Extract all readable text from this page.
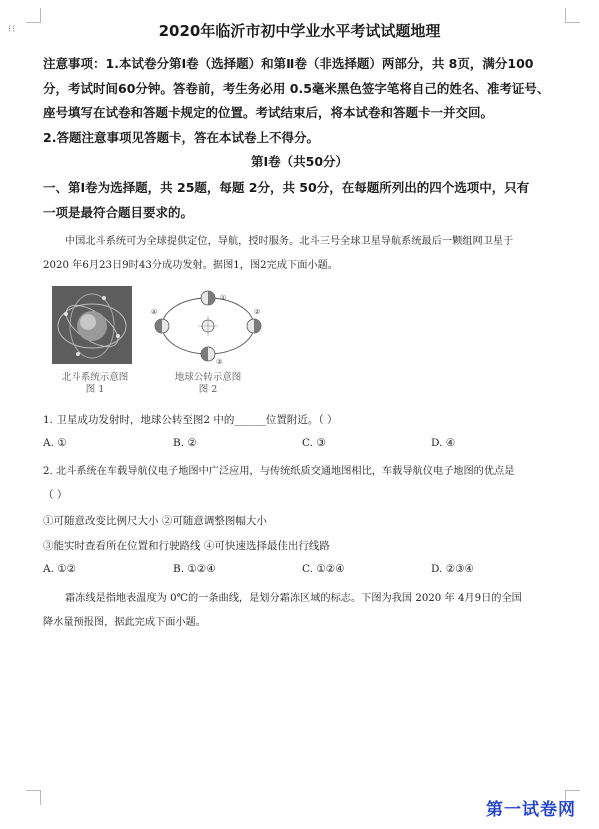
⁝⁝	2020年临沂市初中学业水平考试试题地理
注意事项：1.本试卷分第Ⅰ卷（选择题）和第Ⅱ卷（非选择题）两部分，共 8页，满分100
分，考试时间60分钟。答卷前，考生务必用 0.5毫米黑色签字笔将自己的姓名、准考证号、
座号填写在试卷和答题卡规定的位置。考试结束后，将本试卷和答题卡一并交回。
2.答题注意事项见答题卡，答在本试卷上不得分。
第Ⅰ卷（共50分）
一、第Ⅰ卷为选择题，共 25题，每题 2分，共 50分，在每题所列出的四个选项中，只有
一项是最符合题目要求的。
中国北斗系统可为全球提供定位，导航，授时服务。北斗三号全球卫星导航系统最后一颗组网卫星于
2020 年6月23日9时43分成功发射。据图1，图2完成下面小题。
北斗系统示意图
图 1
①
②
③
④
地球公转示意图
图 2
1. 卫星成功发射时，地球公转至图2 中的______位置附近。（ ）
A. ①	B. ②	C. ③	D. ④
2. 北斗系统在车载导航仪电子地图中广泛应用，与传统纸质交通地图相比，车载导航仪电子地图的优点是
（ ）
①可随意改变比例尺大小 ②可随意调整图幅大小
③能实时查看所在位置和行驶路线 ④可快速选择最佳出行线路
A. ①②	B. ①②④	C. ①②④	D. ②③④
霜冻线是指地表温度为 0℃的一条曲线，是划分霜冻区域的标志。下图为我国 2020 年 4月9日的全国
降水量预报图，据此完成下面小题。
第一试卷网
